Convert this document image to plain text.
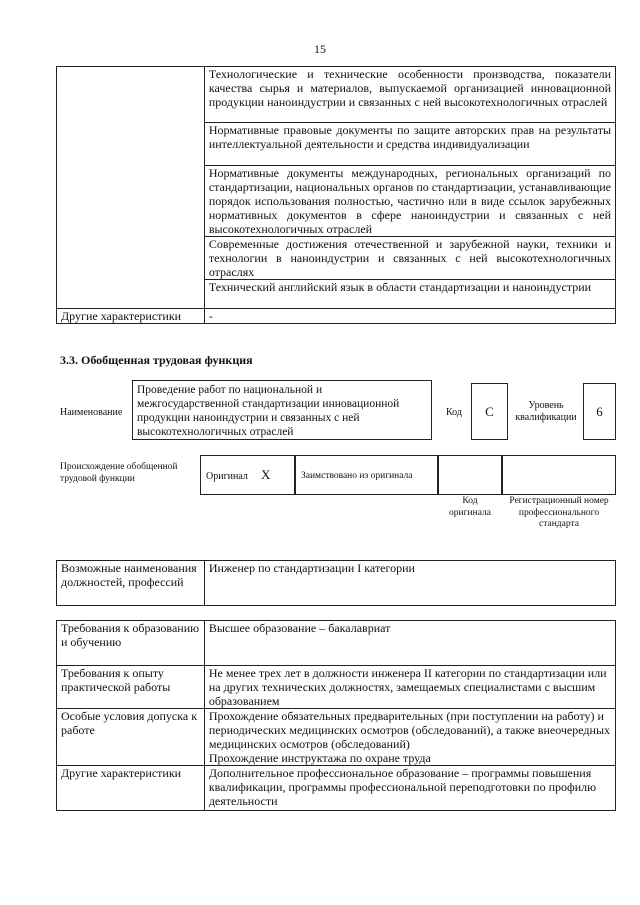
15
	Технологические и технические особенности производства, показатели качества сырья и материалов, выпускаемой организацией инновационной продукции наноиндустрии и связанных с ней высокотехнологичных отраслей
	Нормативные правовые документы по защите авторских прав на результаты интеллектуальной деятельности и средства индивидуализации
	Нормативные документы международных, региональных организаций по стандартизации, национальных органов по стандартизации, устанавливающие порядок использования полностью, частично или в виде ссылок зарубежных нормативных документов в сфере наноиндустрии и связанных с ней высокотехнологичных отраслей
	Современные достижения отечественной и зарубежной науки, техники и технологии в наноиндустрии и связанных с ней высокотехнологичных отраслях
	Технический английский язык в области стандартизации и наноиндустрии
Другие характеристики	-
3.3. Обобщенная трудовая функция
Наименование
Проведение работ по национальной и межгосударственной стандартизации инновационной продукции наноиндустрии и связанных с ней высокотехнологичных отраслей
Код	C	Уровень квалификации	6
Происхождение обобщенной трудовой функции	Оригинал X	Заимствовано из оригинала
Код оригинала
Регистрационный номер профессионального стандарта
Возможные наименования должностей, профессий	Инженер по стандартизации I категории
Требования к образованию и обучению	Высшее образование – бакалавриат
Требования к опыту практической работы	Не менее трех лет в должности инженера II категории по стандартизации или на других технических должностях, замещаемых специалистами с высшим образованием
Особые условия допуска к работе	Прохождение обязательных предварительных (при поступлении на работу) и периодических медицинских осмотров (обследований), а также внеочередных медицинских осмотров (обследований)
Прохождение инструктажа по охране труда

Другие характеристики	Дополнительное профессиональное образование – программы повышения квалификации, программы профессиональной переподготовки по профилю деятельности
